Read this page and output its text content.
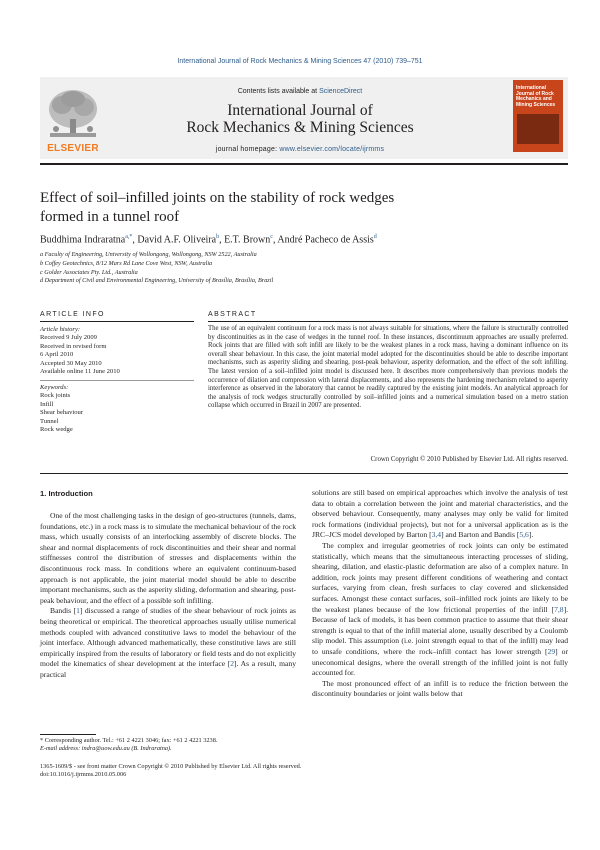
International Journal of Rock Mechanics & Mining Sciences 47 (2010) 739–751
ELSEVIER
Contents lists available at ScienceDirect
International Journal of
Rock Mechanics & Mining Sciences
journal homepage: www.elsevier.com/locate/ijrmms
International Journal of Rock Mechanics and Mining Sciences
Effect of soil–infilled joints on the stability of rock wedges
formed in a tunnel roof
Buddhima Indraratna$^{a,*}$, David A.F. Oliveira$^b$, E.T. Brown$^c$, André Pacheco de Assis$^d$
a Faculty of Engineering, University of Wollongong, Wollongong, NSW 2522, Australia
b Coffey Geotechnics, 8/12 Mars Rd Lane Cove West, NSW, Australia
c Golder Associates Pty. Ltd., Australia
d Department of Civil and Environmental Engineering, University of Brasília, Brasília, Brazil
ARTICLE INFO
Article history:
Received 9 July 2009
Received in revised form
6 April 2010
Accepted 30 May 2010
Available online 11 June 2010
Keywords:
Rock joints
Infill
Shear behaviour
Tunnel
Rock wedge
ABSTRACT
The use of an equivalent continuum for a rock mass is not always suitable for situations, where the failure is structurally controlled by discontinuities as in the case of wedges in the tunnel roof. In these instances, discontinuum approaches are usually preferred. Rock joints that are filled with soft infill are likely to be the weakest planes in a rock mass, having a dominant influence on its overall shear behaviour. In this case, the joint material model adopted for the discontinuities should be able to describe important mechanisms, such as asperity sliding and shearing, post-peak behaviour, asperity deformation, and the effect of the soft infilling. The latest version of a soil–infilled joint model is discussed here. It describes more comprehensively than previous models the occurrence of dilation and compression with lateral displacements, and also represents the hardening mechanism related to asperity interference as observed in the laboratory that cannot be readily captured by the existing joint models. An analytical approach for the analysis of rock wedges structurally controlled by soil–infilled joints and a numerical simulation based on a metro station collapse which occurred in Brazil in 2007 are presented.
Crown Copyright © 2010 Published by Elsevier Ltd. All rights reserved.
1. Introduction

One of the most challenging tasks in the design of geo-structures (tunnels, dams, foundations, etc.) in a rock mass is to simulate the mechanical behaviour of the rock mass, which usually consists of an interlocking assembly of discrete blocks. The shear and normal displacements of rock discontinuities and their shear and normal stiffnesses control the distribution of stresses and displacements within the discontinuous rock mass. In conditions where an equivalent continuum-based approach is not applicable, the joint material model should be able to describe important mechanisms, such as the asperity sliding, deformation and shearing, post-peak behaviour, and the effect of a possible soft infilling.

Bandis [1] discussed a range of studies of the shear behaviour of rock joints as being theoretical or empirical. The theoretical approaches usually utilise numerical methods coupled with advanced constitutive laws to model the behaviour of the joint interface. Although advanced mathematically, these constitutive laws are still empirically inspired from the results of laboratory or field tests and do not explicitly model the kinematics of shear development at the interface [2]. As a result, many practical

solutions are still based on empirical approaches which involve the analysis of test data to obtain a correlation between the joint and material characteristics, and the observed behaviour. Consequently, many analyses may only be valid for limited rock formations (individual projects), but not for a universal application as is the JRC–JCS model developed by Barton [3,4] and Barton and Bandis [5,6].

The complex and irregular geometries of rock joints can only be estimated statistically, which means that the simultaneous interacting processes of sliding, shearing, dilation, and elastic-plastic deformation are also of a complex nature. In addition, rock joints may present different conditions of weathering and contact surfaces, varying from clean, fresh surfaces to clay covered and slickensided surfaces. Amongst these contact surfaces, soil–infilled rock joints are likely to be the weakest planes because of the low frictional properties of the infill [7,8]. Because of lack of models, it has been common practice to assume that their shear strength is equal to that of the infill material alone, usually described by a Coulomb slip model. This assumption (i.e. joint strength equal to that of the infill) may lead to unsafe conditions, where the rock–infill contact has lower strength [29] or uneconomical designs, where the overall strength of the infilled joint is not fully accounted for.

The most pronounced effect of an infill is to reduce the friction between the discontinuity boundaries or joint walls below that

* Corresponding author. Tel.: +61 2 4221 3046; fax: +61 2 4221 3238.
E-mail address: indra@uow.edu.au (B. Indraratna).
1365-1609/$ - see front matter Crown Copyright © 2010 Published by Elsevier Ltd. All rights reserved.
doi:10.1016/j.ijrmms.2010.05.006
